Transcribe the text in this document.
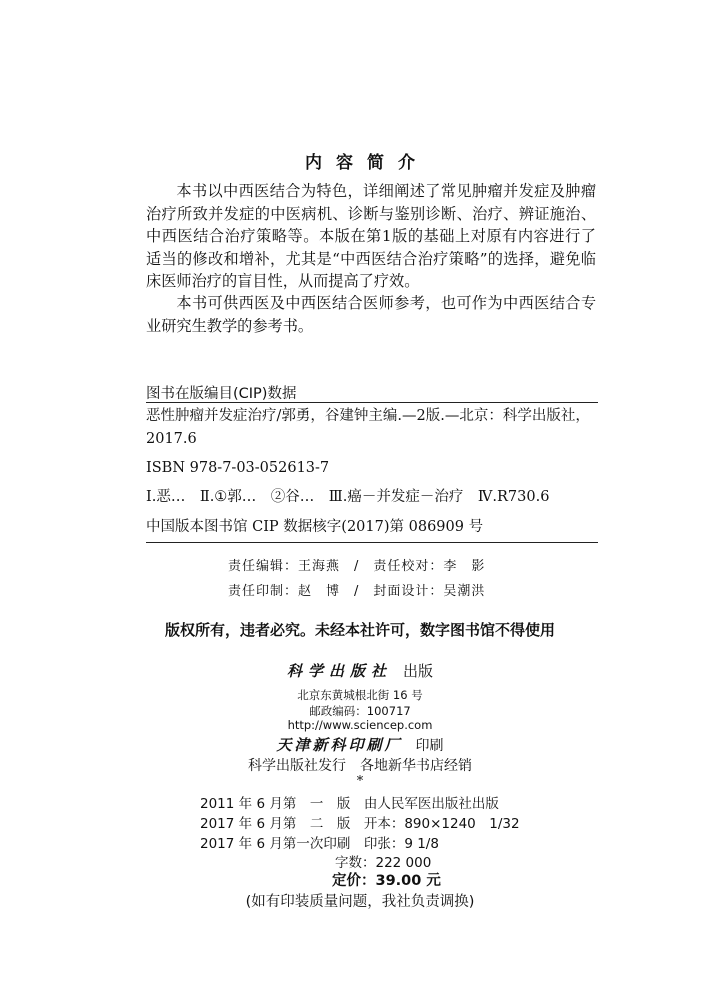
内容简介

本书以中西医结合为特色，详细阐述了常见肿瘤并发症及肿瘤治疗所致并发症的中医病机、诊断与鉴别诊断、治疗、辨证施治、中西医结合治疗策略等。本版在第1版的基础上对原有内容进行了适当的修改和增补，尤其是“中西医结合治疗策略”的选择，避免临床医师治疗的盲目性，从而提高了疗效。

本书可供西医及中西医结合医师参考，也可作为中西医结合专业研究生教学的参考书。

图书在版编目(CIP)数据
恶性肿瘤并发症治疗/郭勇，谷建钟主编.—2版.—北京：科学出版社，2017.6
ISBN 978-7-03-052613-7
Ⅰ.恶…　Ⅱ.①郭…　②谷…　Ⅲ.癌－并发症－治疗　Ⅳ.R730.6
中国版本图书馆 CIP 数据核字(2017)第 086909 号
责任编辑：王海燕　/　责任校对：李　影
责任印制：赵　博　/　封面设计：吴潮洪
版权所有，违者必究。未经本社许可，数字图书馆不得使用
科学出版社 出版
北京东黄城根北街 16 号
邮政编码：100717
http://www.sciencep.com
天津新科印刷厂 印刷
科学出版社发行　各地新华书店经销
*
2011 年 6 月第　一　版　由人民军医出版社出版
2017 年 6 月第　二　版　开本：890×1240　1/32
2017 年 6 月第一次印刷　印张：9 1/8
字数：222 000
定价：39.00 元
(如有印装质量问题，我社负责调换)
